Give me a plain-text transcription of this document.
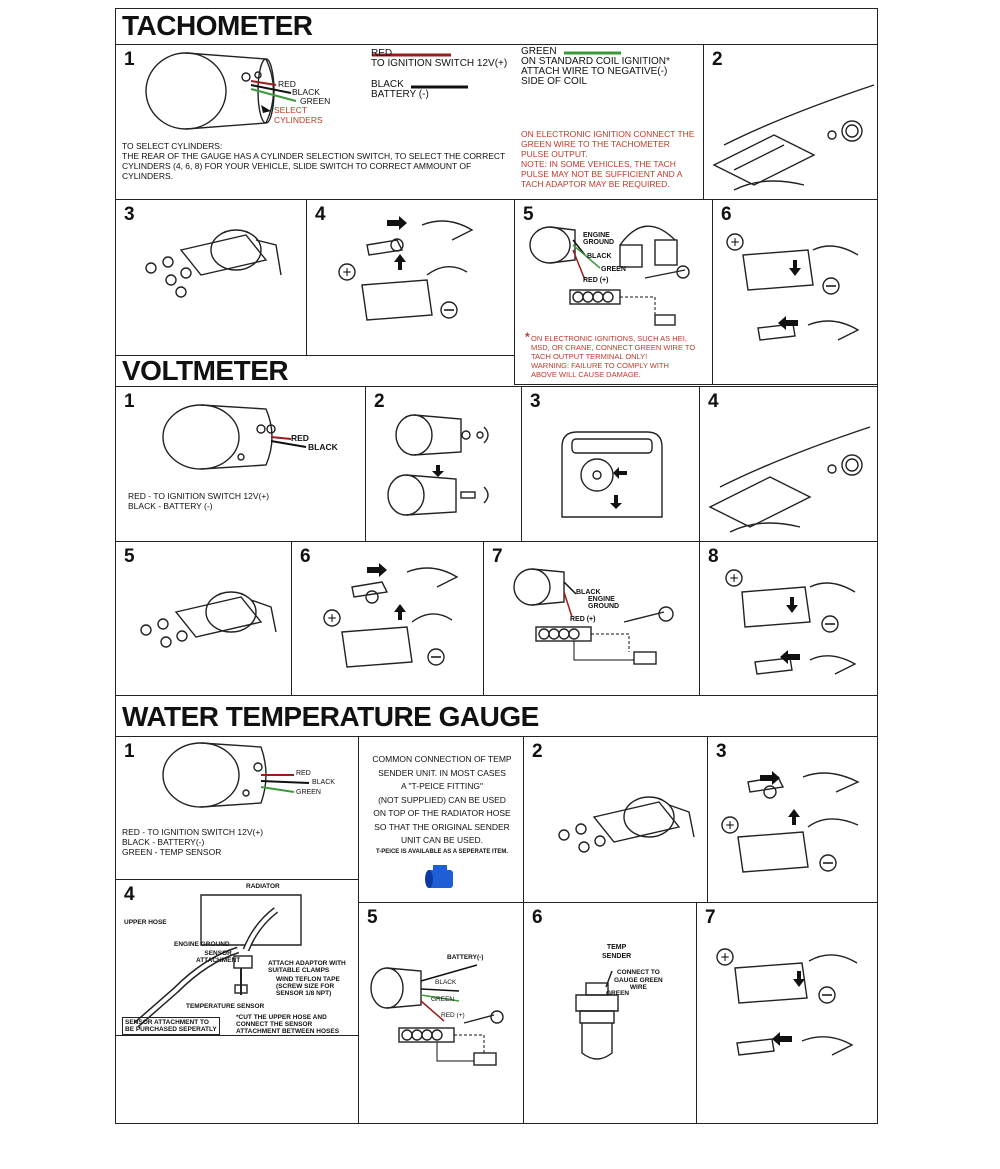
TACHOMETER
1
RED
BLACK
GREEN
SELECT
CYLINDERS
RED
TO IGNITION SWITCH 12V(+)
BLACK
BATTERY (-)
GREEN
ON STANDARD COIL IGNITION*
ATTACH WIRE TO NEGATIVE(-)
SIDE OF COIL
TO SELECT CYLINDERS:
THE REAR OF THE GAUGE HAS A CYLINDER SELECTION SWITCH, TO SELECT THE CORRECT
CYLINDERS (4, 6, 8) FOR YOUR VEHICLE, SLIDE SWITCH TO CORRECT AMMOUNT OF
CYLINDERS.
ON ELECTRONIC IGNITION CONNECT THE
GREEN WIRE TO THE TACHOMETER
PULSE OUTPUT.
NOTE: IN SOME VEHICLES, THE TACH
PULSE MAY NOT BE SUFFICIENT AND A
TACH ADAPTOR MAY BE REQUIRED.
2
3	4
+
5
ENGINE
GROUND
BLACK
GREEN
RED (+)
ON ELECTRONIC IGNITIONS, SUCH AS HEI,
MSD, OR CRANE, CONNECT GREEN WIRE TO
TACH OUTPUT TERMINAL ONLY!
WARNING: FAILURE TO COMPLY WITH
ABOVE WILL CAUSE DAMAGE.
*
6
+
VOLTMETER
1
RED
BLACK
RED - TO IGNITION SWITCH 12V(+)
BLACK - BATTERY (-)
2	3	4
5	6
+
7
BLACK
ENGINE
GROUND
RED (+)
8
+
WATER TEMPERATURE GAUGE
1
RED
BLACK
GREEN
RED - TO IGNITION SWITCH 12V(+)
BLACK - BATTERY(-)
GREEN - TEMP SENSOR
COMMON CONNECTION OF TEMP
SENDER UNIT. IN MOST CASES
A "T-PEICE FITTING"
(NOT SUPPLIED) CAN BE USED
ON TOP OF THE RADIATOR HOSE
SO THAT THE ORIGINAL SENDER
UNIT CAN BE USED.
T-PEICE IS AVAILABLE AS A SEPERATE ITEM.
2	3
+
4	RADIATOR
UPPER HOSE
ENGINE GROUND
SENSOR
ATTACHMENT	ATTACH ADAPTOR WITH
SUITABLE CLAMPS
WIND TEFLON TAPE
(SCREW SIZE FOR
SENSOR 1/8 NPT)
TEMPERATURE SENSOR
SENSOR ATTACHMENT TO
BE PURCHASED SEPERATLY
*CUT THE UPPER HOSE AND
CONNECT THE SENSOR
ATTACHMENT BETWEEN HOSES
5
BATTERY(-)
BLACK
GREEN
RED (+)
6
TEMP
SENDER
CONNECT TO
GAUGE GREEN
WIRE
GREEN
7
+
